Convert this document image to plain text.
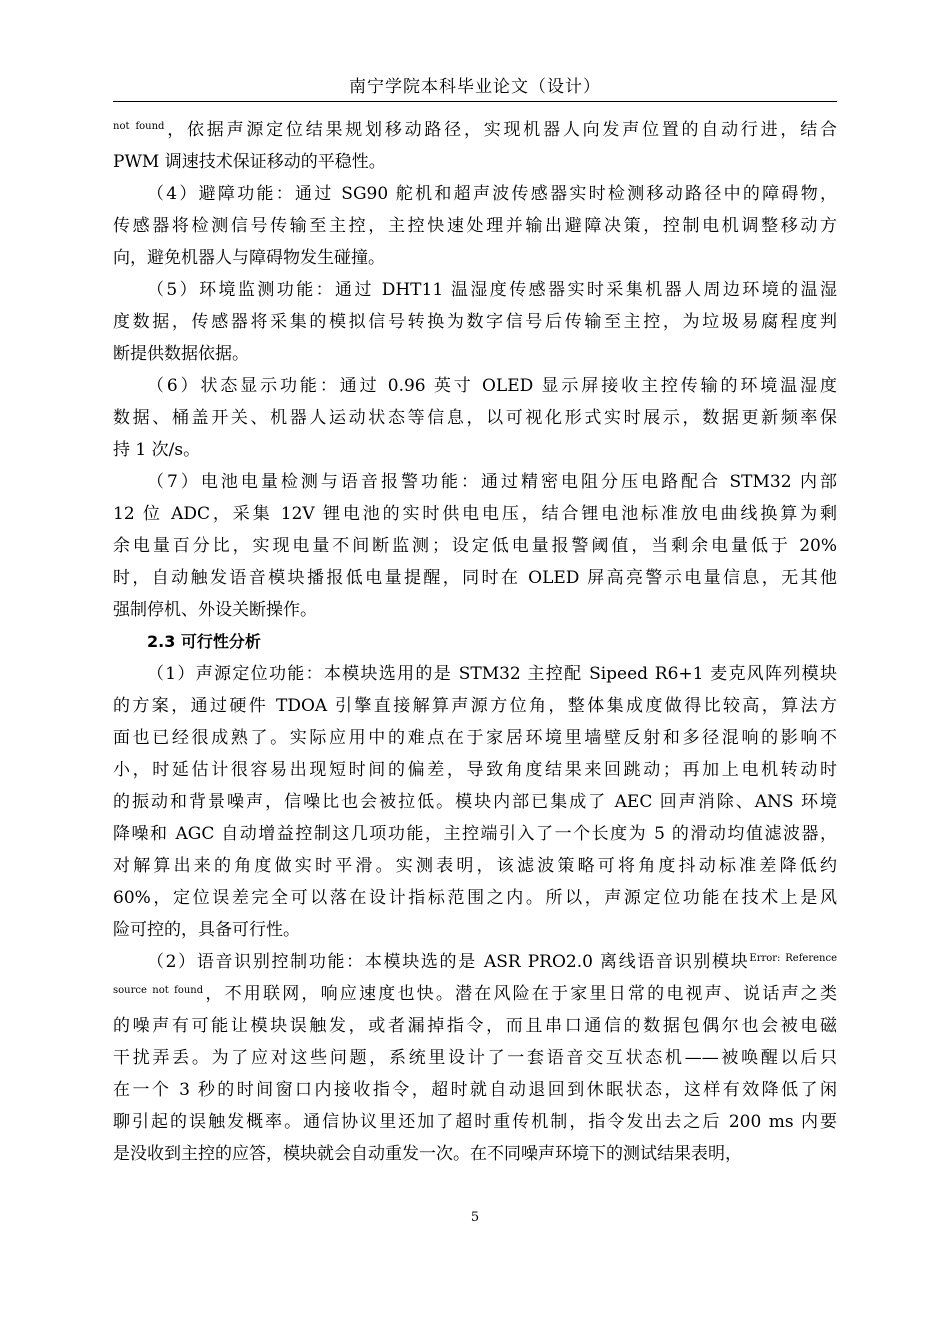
南宁学院本科毕业论文（设计）
$^{not found}$，依据声源定位结果规划移动路径，实现机器人向发声位置的自动行进，结合
PWM 调速技术保证移动的平稳性。
（4）避障功能：通过 SG90 舵机和超声波传感器实时检测移动路径中的障碍物，
传感器将检测信号传输至主控，主控快速处理并输出避障决策，控制电机调整移动方
向，避免机器人与障碍物发生碰撞。
（5）环境监测功能：通过 DHT11 温湿度传感器实时采集机器人周边环境的温湿
度数据，传感器将采集的模拟信号转换为数字信号后传输至主控，为垃圾易腐程度判
断提供数据依据。
（6）状态显示功能：通过 0.96 英寸 OLED 显示屏接收主控传输的环境温湿度
数据、桶盖开关、机器人运动状态等信息，以可视化形式实时展示，数据更新频率保
持 1 次/s。
（7）电池电量检测与语音报警功能：通过精密电阻分压电路配合 STM32 内部
12 位 ADC，采集 12V 锂电池的实时供电电压，结合锂电池标准放电曲线换算为剩
余电量百分比，实现电量不间断监测；设定低电量报警阈值，当剩余电量低于 20%
时，自动触发语音模块播报低电量提醒，同时在 OLED 屏高亮警示电量信息，无其他
强制停机、外设关断操作。
2.3 可行性分析
（1）声源定位功能：本模块选用的是 STM32 主控配 Sipeed R6+1 麦克风阵列模块
的方案，通过硬件 TDOA 引擎直接解算声源方位角，整体集成度做得比较高，算法方
面也已经很成熟了。实际应用中的难点在于家居环境里墙壁反射和多径混响的影响不
小，时延估计很容易出现短时间的偏差，导致角度结果来回跳动；再加上电机转动时
的振动和背景噪声，信噪比也会被拉低。模块内部已集成了 AEC 回声消除、ANS 环境
降噪和 AGC 自动增益控制这几项功能，主控端引入了一个长度为 5 的滑动均值滤波器，
对解算出来的角度做实时平滑。实测表明，该滤波策略可将角度抖动标准差降低约
60%，定位误差完全可以落在设计指标范围之内。所以，声源定位功能在技术上是风
险可控的，具备可行性。
（2）语音识别控制功能：本模块选的是 ASR PRO2.0 离线语音识别模块$^{Error: Reference}$
$^{source not found}$，不用联网，响应速度也快。潜在风险在于家里日常的电视声、说话声之类
的噪声有可能让模块误触发，或者漏掉指令，而且串口通信的数据包偶尔也会被电磁
干扰弄丢。为了应对这些问题，系统里设计了一套语音交互状态机——被唤醒以后只
在一个 3 秒的时间窗口内接收指令，超时就自动退回到休眠状态，这样有效降低了闲
聊引起的误触发概率。通信协议里还加了超时重传机制，指令发出去之后 200 ms 内要
是没收到主控的应答，模块就会自动重发一次。在不同噪声环境下的测试结果表明，
5
